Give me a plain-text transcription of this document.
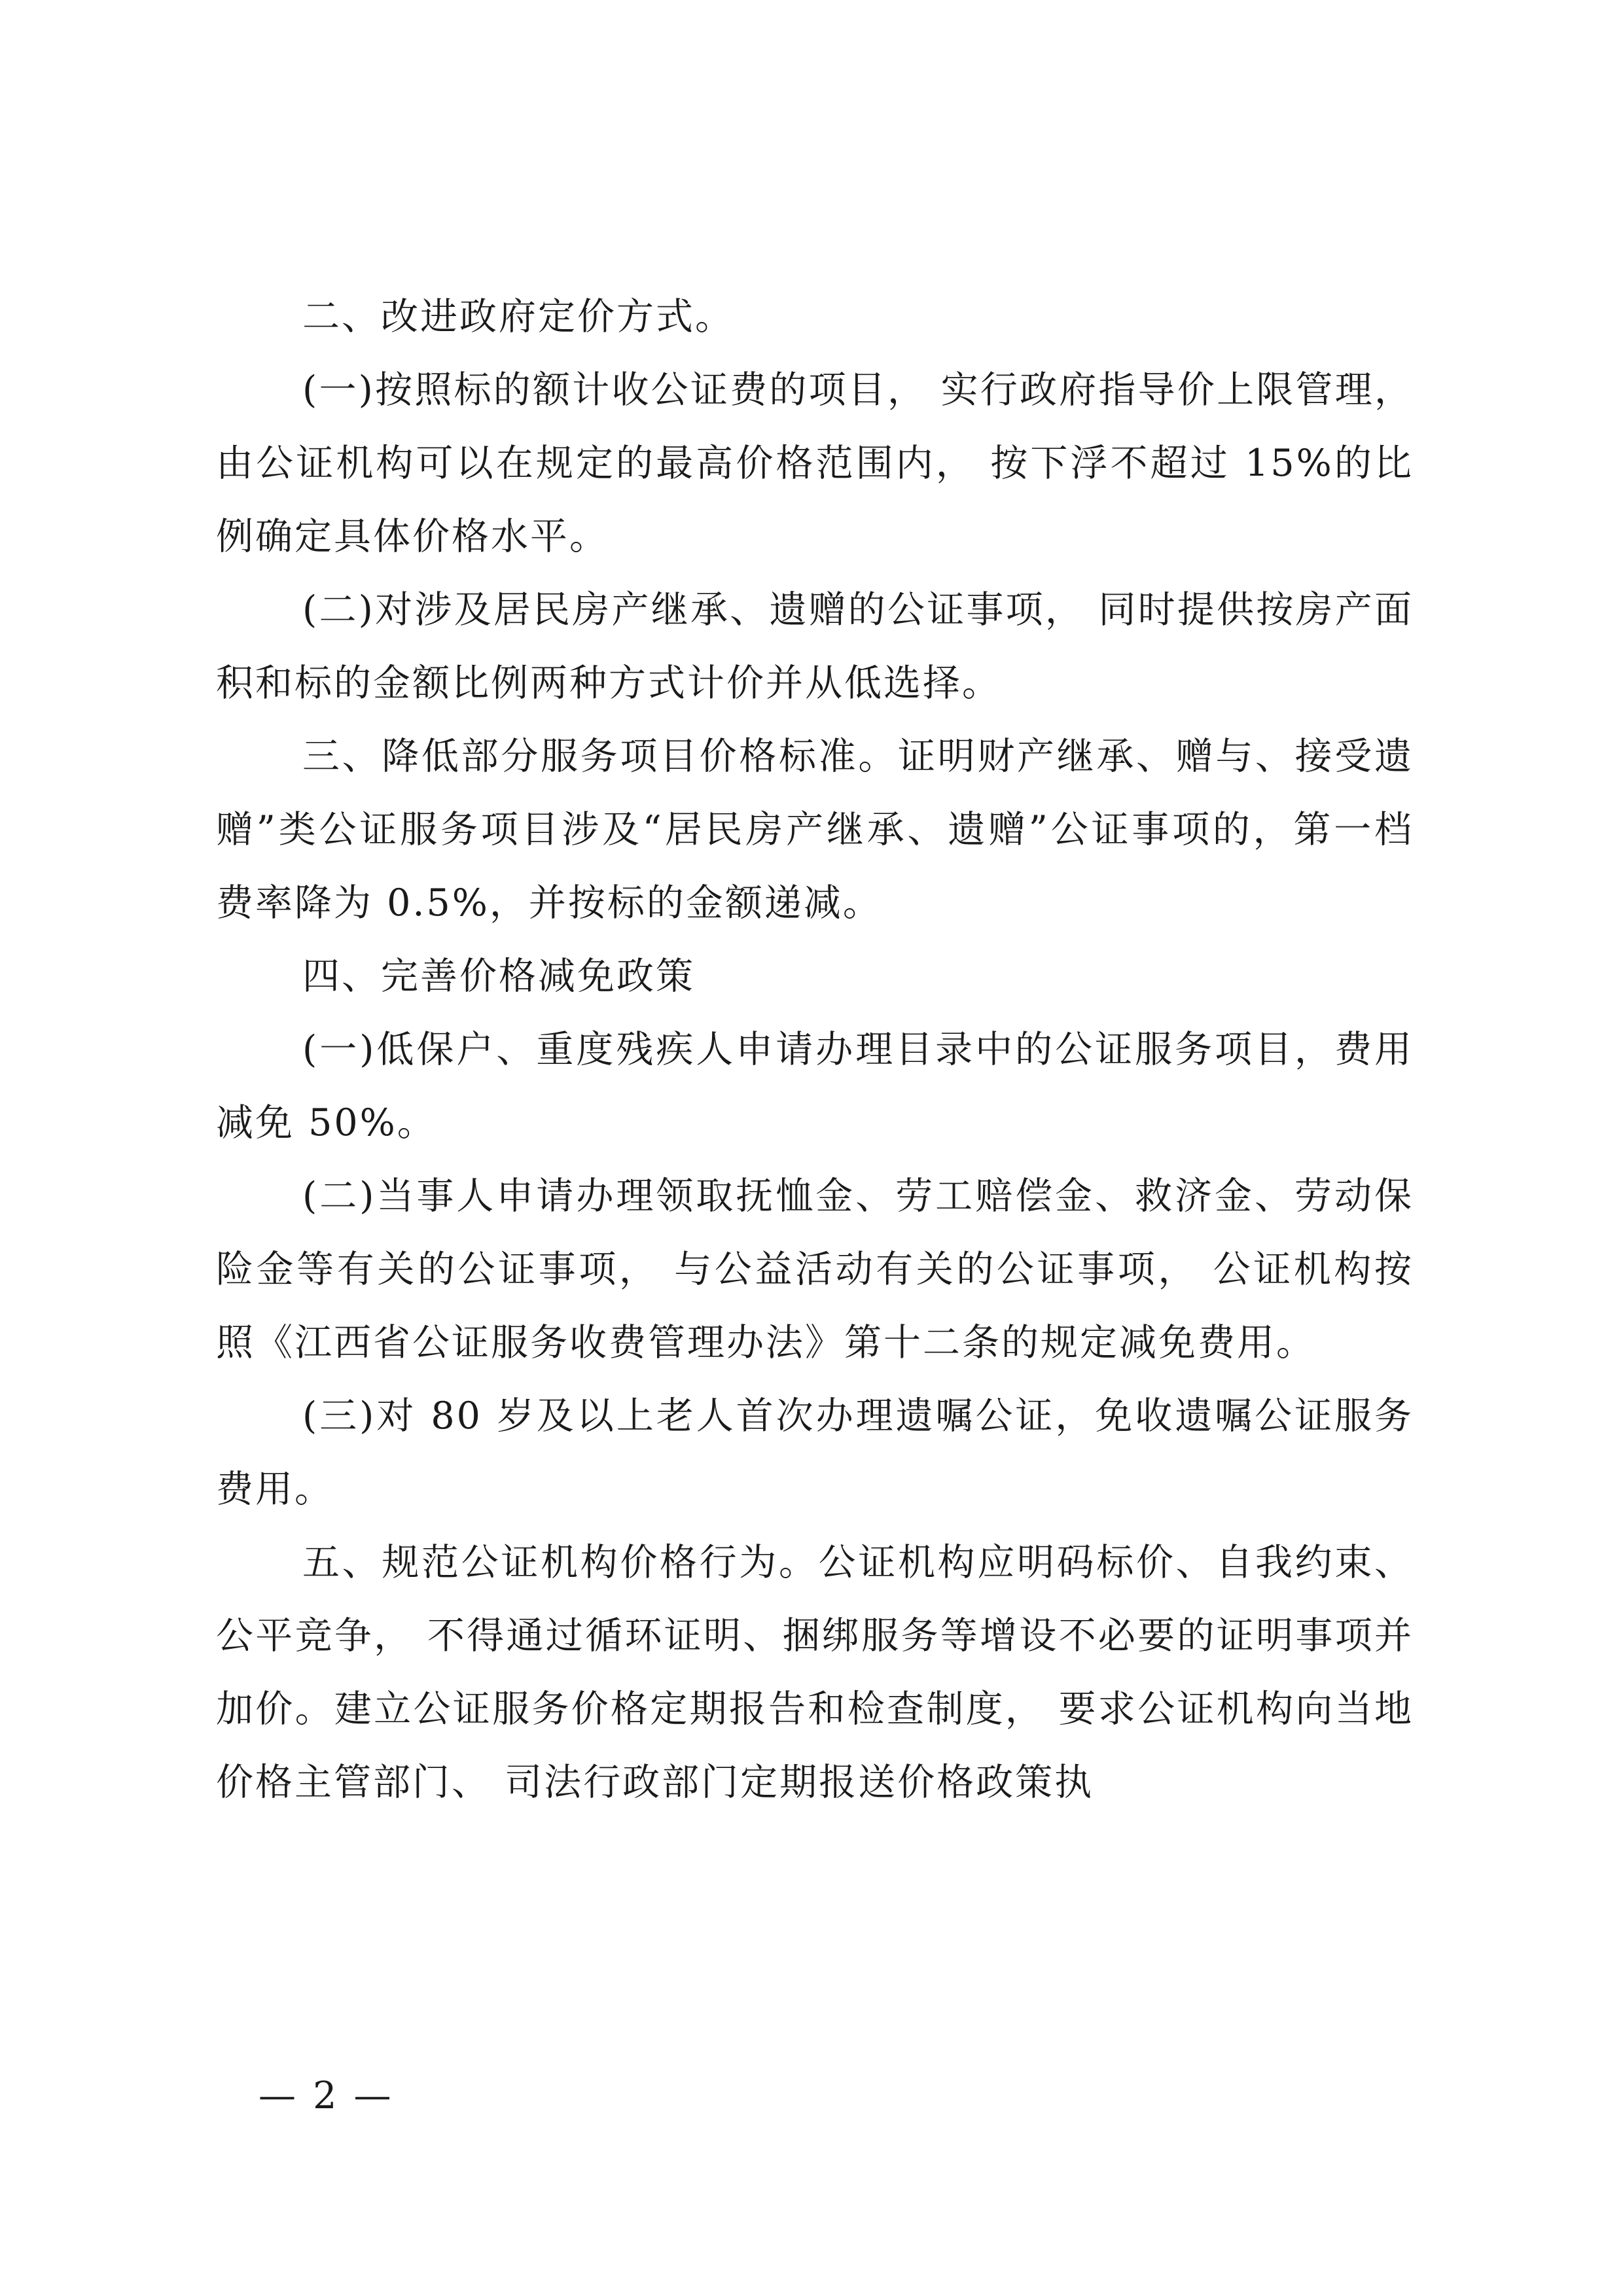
二、改进政府定价方式。

(一)按照标的额计收公证费的项目， 实行政府指导价上限管理， 由公证机构可以在规定的最高价格范围内， 按下浮不超过 15%的比例确定具体价格水平。

(二)对涉及居民房产继承、遗赠的公证事项， 同时提供按房产面积和标的金额比例两种方式计价并从低选择。

三、降低部分服务项目价格标准。证明财产继承、赠与、接受遗赠”类公证服务项目涉及“居民房产继承、遗赠”公证事项的，第一档费率降为 0.5%，并按标的金额递减。

四、完善价格减免政策

(一)低保户、重度残疾人申请办理目录中的公证服务项目，费用减免 50%。

(二)当事人申请办理领取抚恤金、劳工赔偿金、救济金、劳动保险金等有关的公证事项， 与公益活动有关的公证事项， 公证机构按照《江西省公证服务收费管理办法》第十二条的规定减免费用。

(三)对 80 岁及以上老人首次办理遗嘱公证，免收遗嘱公证服务费用。

五、规范公证机构价格行为。公证机构应明码标价、自我约束、公平竞争， 不得通过循环证明、捆绑服务等增设不必要的证明事项并加价。建立公证服务价格定期报告和检查制度， 要求公证机构向当地价格主管部门、 司法行政部门定期报送价格政策执

— 2 —
